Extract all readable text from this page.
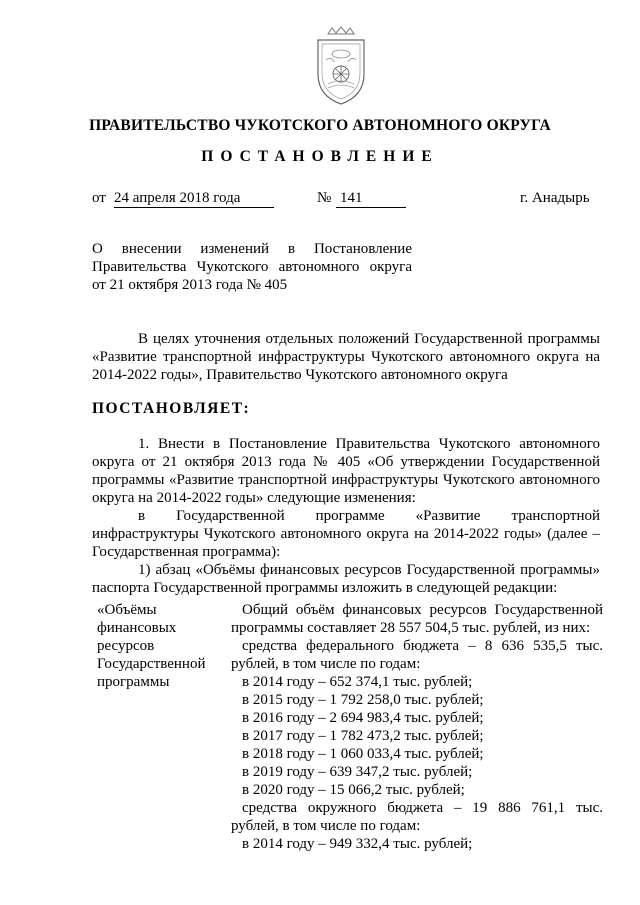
ПРАВИТЕЛЬСТВО ЧУКОТСКОГО АВТОНОМНОГО ОКРУГА
ПОСТАНОВЛЕНИЕ
от 24 апреля 2018 года	№ 141	г. Анадырь
О внесении изменений в Постановление
Правительства Чукотского автономного округа
от 21 октября 2013 года № 405
В целях уточнения отдельных положений Государственной программы
«Развитие транспортной инфраструктуры Чукотского автономного округа на
2014-2022 годы», Правительство Чукотского автономного округа
ПОСТАНОВЛЯЕТ:
1. Внести в Постановление Правительства Чукотского автономного
округа от 21 октября 2013 года № 405 «Об утверждении Государственной
программы «Развитие транспортной инфраструктуры Чукотского автономного
округа на 2014-2022 годы» следующие изменения:
в Государственной программе «Развитие транспортной
инфраструктуры Чукотского автономного округа на 2014-2022 годы» (далее –
Государственная программа):
1) абзац «Объёмы финансовых ресурсов Государственной программы»
паспорта Государственной программы изложить в следующей редакции:
«Объёмы
финансовых
ресурсов
Государственной
программы
Общий объём финансовых ресурсов Государственной
программы составляет 28 557 504,5 тыс. рублей, из них:
средства федерального бюджета – 8 636 535,5 тыс.
рублей, в том числе по годам:
в 2014 году – 652 374,1 тыс. рублей;
в 2015 году – 1 792 258,0 тыс. рублей;
в 2016 году – 2 694 983,4 тыс. рублей;
в 2017 году – 1 782 473,2 тыс. рублей;
в 2018 году – 1 060 033,4 тыс. рублей;
в 2019 году – 639 347,2 тыс. рублей;
в 2020 году – 15 066,2 тыс. рублей;
средства окружного бюджета – 19 886 761,1 тыс.
рублей, в том числе по годам:
в 2014 году – 949 332,4 тыс. рублей;
